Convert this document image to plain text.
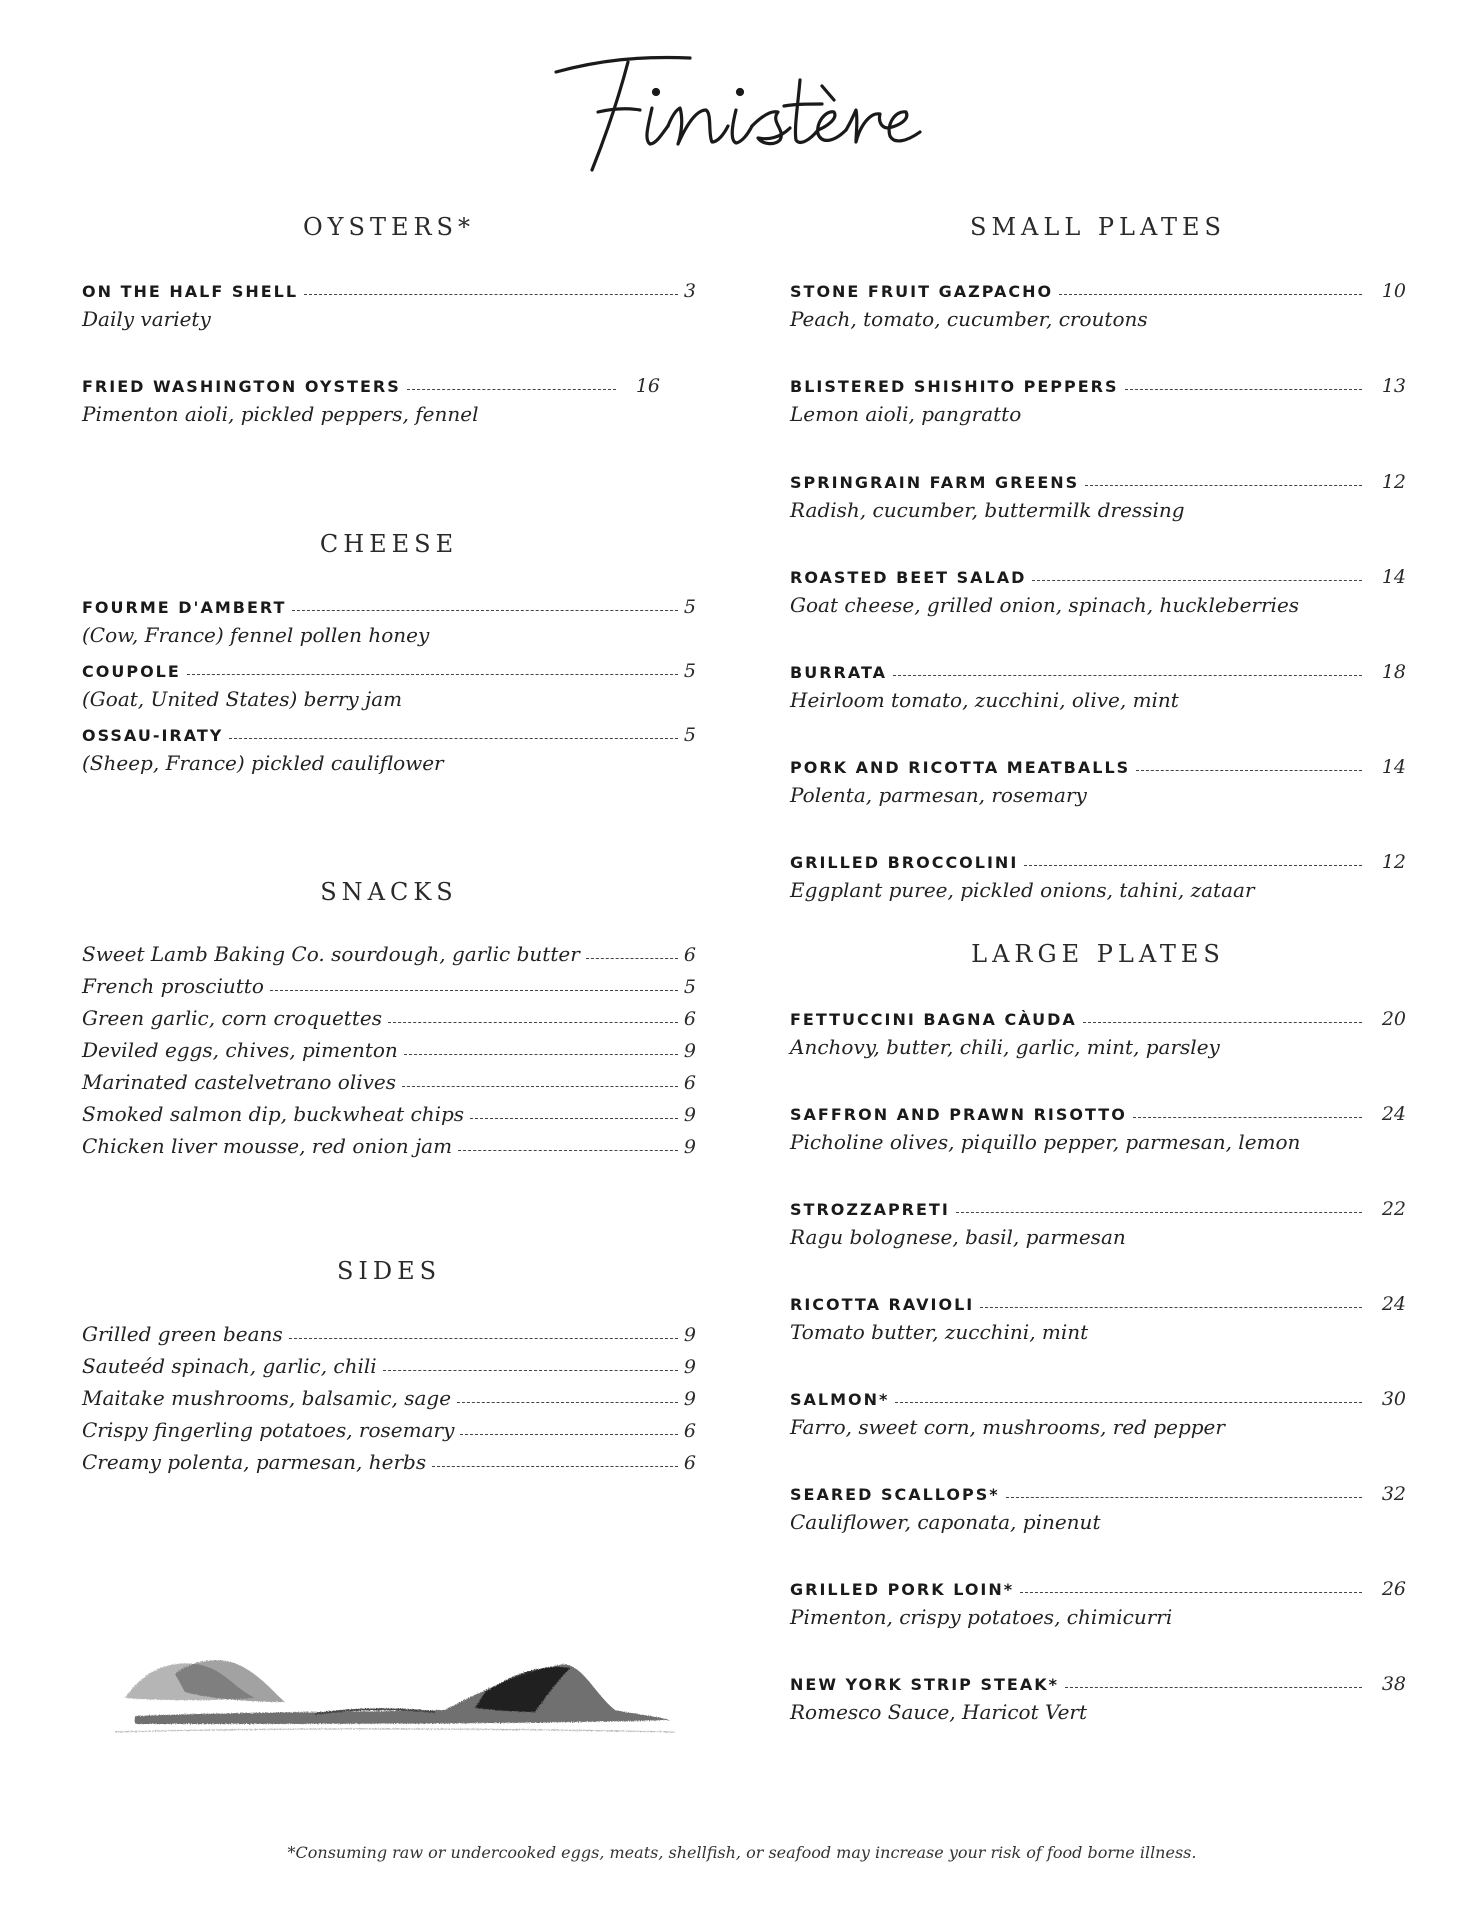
OYSTERS*
ON THE HALF SHELL	3
Daily variety
FRIED WASHINGTON OYSTERS	16
Pimenton aioli, pickled peppers, fennel
CHEESE
FOURME D'AMBERT	5
(Cow, France) fennel pollen honey
COUPOLE	5
(Goat, United States) berry jam
OSSAU-IRATY	5
(Sheep, France) pickled cauliflower
SNACKS
Sweet Lamb Baking Co. sourdough, garlic butter	6
French prosciutto	5
Green garlic, corn croquettes	6
Deviled eggs, chives, pimenton	9
Marinated castelvetrano olives	6
Smoked salmon dip, buckwheat chips	9
Chicken liver mousse, red onion jam	9
SIDES
Grilled green beans	9
Sauteéd spinach, garlic, chili	9
Maitake mushrooms, balsamic, sage	9
Crispy fingerling potatoes, rosemary	6
Creamy polenta, parmesan, herbs	6
SMALL PLATES
STONE FRUIT GAZPACHO	10
Peach, tomato, cucumber, croutons
BLISTERED SHISHITO PEPPERS	13
Lemon aioli, pangratto
SPRINGRAIN FARM GREENS	12
Radish, cucumber, buttermilk dressing
ROASTED BEET SALAD	14
Goat cheese, grilled onion, spinach, huckleberries
BURRATA	18
Heirloom tomato, zucchini, olive, mint
PORK AND RICOTTA MEATBALLS	14
Polenta, parmesan, rosemary
GRILLED BROCCOLINI	12
Eggplant puree, pickled onions, tahini, zataar
LARGE PLATES
FETTUCCINI BAGNA CÀUDA	20
Anchovy, butter, chili, garlic, mint, parsley
SAFFRON AND PRAWN RISOTTO	24
Picholine olives, piquillo pepper, parmesan, lemon
STROZZAPRETI	22
Ragu bolognese, basil, parmesan
RICOTTA RAVIOLI	24
Tomato butter, zucchini, mint
SALMON*	30
Farro, sweet corn, mushrooms, red pepper
SEARED SCALLOPS*	32
Cauliflower, caponata, pinenut
GRILLED PORK LOIN*	26
Pimenton, crispy potatoes, chimicurri
NEW YORK STRIP STEAK*	38
Romesco Sauce, Haricot Vert
*Consuming raw or undercooked eggs, meats, shellfish, or seafood may increase your risk of food borne illness.
